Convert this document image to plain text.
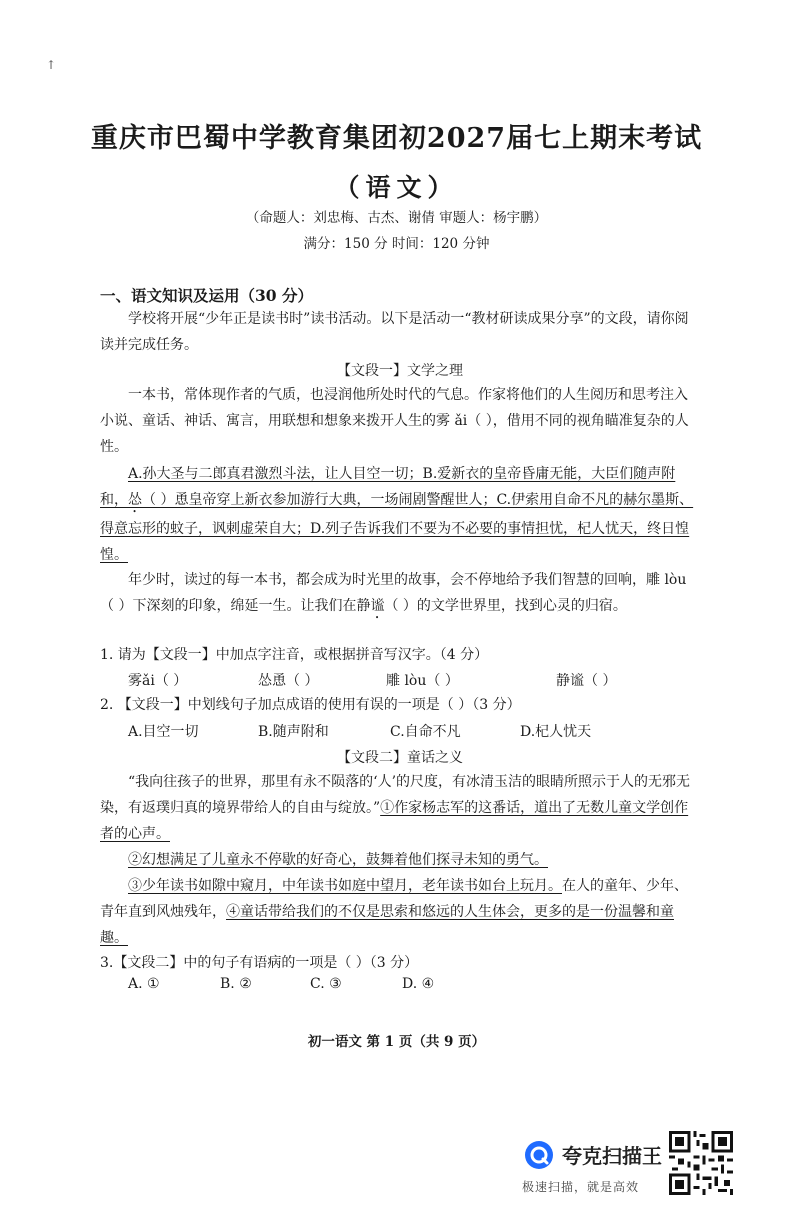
↑
重庆市巴蜀中学教育集团初2027届七上期末考试
（语文）
（命题人：刘忠梅、古杰、谢倩 审题人：杨宇鹏）
满分：150 分 时间：120 分钟
一、语文知识及运用（30 分）
学校将开展“少年正是读书时”读书活动。以下是活动一“教材研读成果分享”的文段，请你阅读并完成任务。
【文段一】文学之理
一本书，常体现作者的气质，也浸润他所处时代的气息。作家将他们的人生阅历和思考注入小说、童话、神话、寓言，用联想和想象来拨开人生的雾 ǎi（ ），借用不同的视角瞄准复杂的人性。
A.孙大圣与二郎真君激烈斗法，让人目空一切；B.爱新衣的皇帝昏庸无能，大臣们随声附和，怂（ ）恿皇帝穿上新衣参加游行大典，一场闹剧警醒世人；C.伊索用自命不凡的赫尔墨斯、得意忘形的蚊子，讽刺虚荣自大；D.列子告诉我们不要为不必要的事情担忧，杞人忧天，终日惶惶。
年少时，读过的每一本书，都会成为时光里的故事，会不停地给予我们智慧的回响，雕 lòu（ ）下深刻的印象，绵延一生。让我们在静谧（ ）的文学世界里，找到心灵的归宿。
1. 请为【文段一】中加点字注音，或根据拼音写汉字。（4 分）
雾ǎi（ ）	怂恿（ ）	雕 lòu（ ）	静谧（ ）
2. 【文段一】中划线句子加点成语的使用有误的一项是（ ）（3 分）
A.目空一切	B.随声附和	C.自命不凡	D.杞人忧天
【文段二】童话之义
“我向往孩子的世界，那里有永不陨落的‘人’的尺度，有冰清玉洁的眼睛所照示于人的无邪无染，有返璞归真的境界带给人的自由与绽放。”①作家杨志军的这番话，道出了无数儿童文学创作者的心声。
②幻想满足了儿童永不停歇的好奇心，鼓舞着他们探寻未知的勇气。
③少年读书如隙中窥月，中年读书如庭中望月，老年读书如台上玩月。在人的童年、少年、青年直到风烛残年，④童话带给我们的不仅是思索和悠远的人生体会，更多的是一份温馨和童趣。
3.【文段二】中的句子有语病的一项是（ ）（3 分）
A. ①	B. ②	C. ③	D. ④
初一语文 第 1 页（共 9 页）
夸克扫描王
极速扫描，就是高效
